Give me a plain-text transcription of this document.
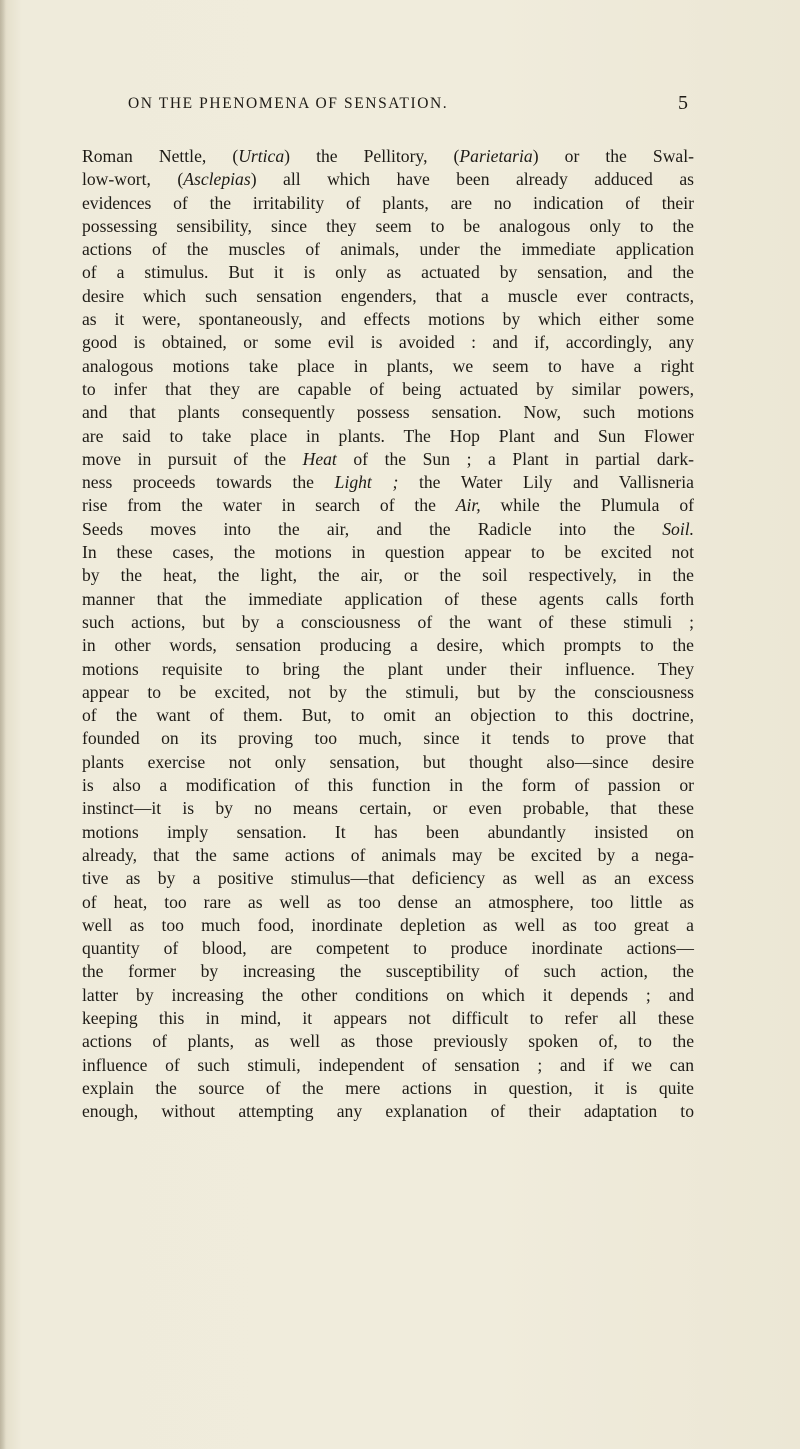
ON THE PHENOMENA OF SENSATION.	5
Roman Nettle, (Urtica) the Pellitory, (Parietaria) or the Swal-
low-wort, (Asclepias) all which have been already adduced as
evidences of the irritability of plants, are no indication of their
possessing sensibility, since they seem to be analogous only to the
actions of the muscles of animals, under the immediate application
of a stimulus. But it is only as actuated by sensation, and the
desire which such sensation engenders, that a muscle ever contracts,
as it were, spontaneously, and effects motions by which either some
good is obtained, or some evil is avoided : and if, accordingly, any
analogous motions take place in plants, we seem to have a right
to infer that they are capable of being actuated by similar powers,
and that plants consequently possess sensation. Now, such motions
are said to take place in plants. The Hop Plant and Sun Flower
move in pursuit of the Heat of the Sun ; a Plant in partial dark-
ness proceeds towards the Light ; the Water Lily and Vallisneria
rise from the water in search of the Air, while the Plumula of
Seeds moves into the air, and the Radicle into the Soil.
In these cases, the motions in question appear to be excited not
by the heat, the light, the air, or the soil respectively, in the
manner that the immediate application of these agents calls forth
such actions, but by a consciousness of the want of these stimuli ;
in other words, sensation producing a desire, which prompts to the
motions requisite to bring the plant under their influence. They
appear to be excited, not by the stimuli, but by the consciousness
of the want of them. But, to omit an objection to this doctrine,
founded on its proving too much, since it tends to prove that
plants exercise not only sensation, but thought also—since desire
is also a modification of this function in the form of passion or
instinct—it is by no means certain, or even probable, that these
motions imply sensation. It has been abundantly insisted on
already, that the same actions of animals may be excited by a nega-
tive as by a positive stimulus—that deficiency as well as an excess
of heat, too rare as well as too dense an atmosphere, too little as
well as too much food, inordinate depletion as well as too great a
quantity of blood, are competent to produce inordinate actions—
the former by increasing the susceptibility of such action, the
latter by increasing the other conditions on which it depends ; and
keeping this in mind, it appears not difficult to refer all these
actions of plants, as well as those previously spoken of, to the
influence of such stimuli, independent of sensation ; and if we can
explain the source of the mere actions in question, it is quite
enough, without attempting any explanation of their adaptation to
